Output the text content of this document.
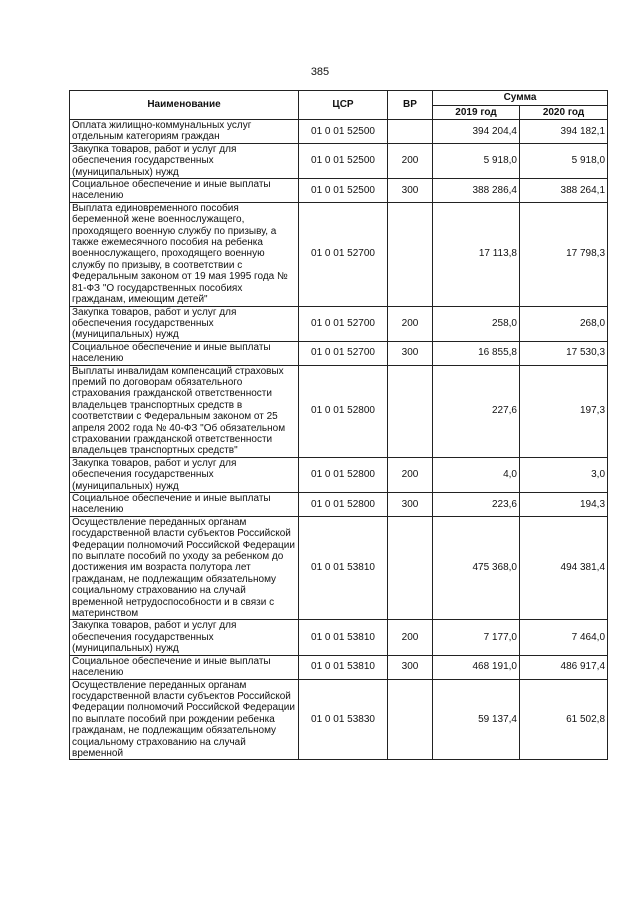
385
Наименование	ЦСР	ВР	Сумма	
			2019 год	2020 год
Оплата жилищно-коммунальных услуг отдельным категориям граждан	01 0 01 52500		394 204,4	394 182,1
Закупка товаров, работ и услуг для обеспечения государственных (муниципальных) нужд	01 0 01 52500	200	5 918,0	5 918,0
Социальное обеспечение и иные выплаты населению	01 0 01 52500	300	388 286,4	388 264,1
Выплата единовременного пособия беременной жене военнослужащего, проходящего военную службу по призыву, а также ежемесячного пособия на ребенка военнослужащего, проходящего военную службу по призыву, в соответствии с Федеральным законом от 19 мая 1995 года № 81-ФЗ "О государственных пособиях гражданам, имеющим детей"	01 0 01 52700		17 113,8	17 798,3
Закупка товаров, работ и услуг для обеспечения государственных (муниципальных) нужд	01 0 01 52700	200	258,0	268,0
Социальное обеспечение и иные выплаты населению	01 0 01 52700	300	16 855,8	17 530,3
Выплаты инвалидам компенсаций страховых премий по договорам обязательного страхования гражданской ответственности владельцев транспортных средств в соответствии с Федеральным законом от 25 апреля 2002 года № 40-ФЗ "Об обязательном страховании гражданской ответственности владельцев транспортных средств"	01 0 01 52800		227,6	197,3
Закупка товаров, работ и услуг для обеспечения государственных (муниципальных) нужд	01 0 01 52800	200	4,0	3,0
Социальное обеспечение и иные выплаты населению	01 0 01 52800	300	223,6	194,3
Осуществление переданных органам государственной власти субъектов Российской Федерации полномочий Российской Федерации по выплате пособий по уходу за ребенком до достижения им возраста полутора лет гражданам, не подлежащим обязательному социальному страхованию на случай временной нетрудоспособности и в связи с материнством	01 0 01 53810		475 368,0	494 381,4
Закупка товаров, работ и услуг для обеспечения государственных (муниципальных) нужд	01 0 01 53810	200	7 177,0	7 464,0
Социальное обеспечение и иные выплаты населению	01 0 01 53810	300	468 191,0	486 917,4
Осуществление переданных органам государственной власти субъектов Российской Федерации полномочий Российской Федерации по выплате пособий при рождении ребенка гражданам, не подлежащим обязательному социальному страхованию на случай временной	01 0 01 53830		59 137,4	61 502,8
